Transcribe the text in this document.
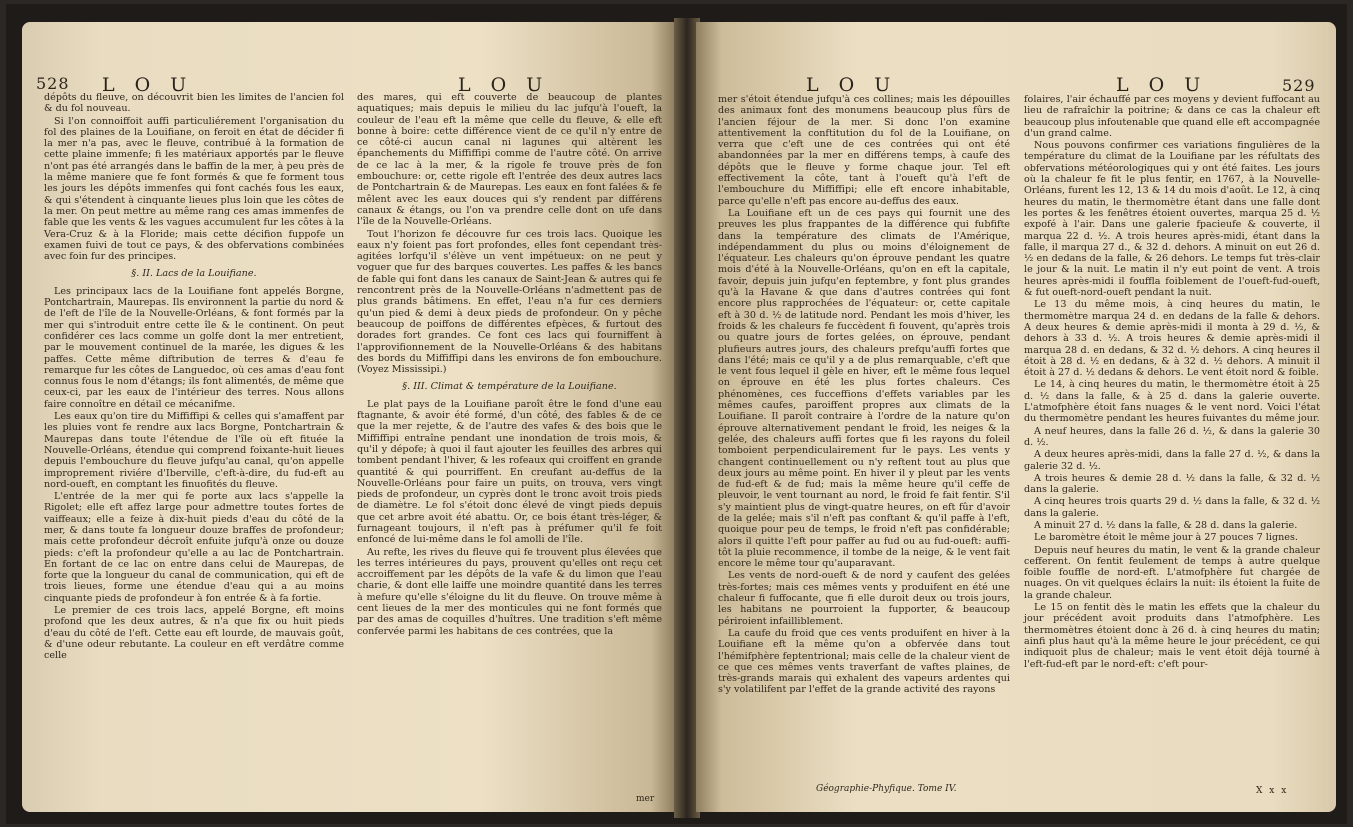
528 L O U	L O U

dépôts du fleuve, on découvrit bien les limites de l'ancien fol & du fol nouveau.

Si l'on connoiffoit auffi particuliérement l'organisation du fol des plaines de la Louifiane, on feroit en état de décider fi la mer n'a pas, avec le fleuve, contribué à la formation de cette plaine immenfe; fi les matériaux apportés par le fleuve n'ont pas été arrangés dans le baffin de la mer, à peu près de la même maniere que fe font formés & que fe forment tous les jours les dépôts immenfes qui font cachés fous les eaux, & qui s'étendent à cinquante lieues plus loin que les côtes de la mer. On peut mettre au même rang ces amas immenfes de fable que les vents & les vagues accumulent fur les côtes à la Vera-Cruz & à la Floride; mais cette décifion fuppofe un examen fuivi de tout ce pays, & des obfervations combinées avec foin fur des principes.

§. II. Lacs de la Louifiane.

Les principaux lacs de la Louifiane font appelés Borgne, Pontchartrain, Maurepas. Ils environnent la partie du nord & de l'eft de l'île de la Nouvelle-Orléans, & font formés par la mer qui s'introduit entre cette île & le continent. On peut confidérer ces lacs comme un golfe dont la mer entretient, par le mouvement continuel de la marée, les digues & les paffes. Cette même diftribution de terres & d'eau fe remarque fur les côtes de Languedoc, où ces amas d'eau font connus fous le nom d'étangs; ils font alimentés, de même que ceux-ci, par les eaux de l'intérieur des terres. Nous allons faire connoître en détail ce mécanifme.

Les eaux qu'on tire du Miffiffipi & celles qui s'amaffent par les pluies vont fe rendre aux lacs Borgne, Pontchartrain & Maurepas dans toute l'étendue de l'île où eft fituée la Nouvelle-Orléans, étendue qui comprend foixante-huit lieues depuis l'embouchure du fleuve jufqu'au canal, qu'on appelle improprement riviére d'Iberville, c'eft-à-dire, du fud-eft au nord-oueft, en comptant les finuofités du fleuve.

L'entrée de la mer qui fe porte aux lacs s'appelle la Rigolet; elle eft affez large pour admettre toutes fortes de vaiffeaux; elle a feize à dix-huit pieds d'eau du côté de la mer, & dans toute fa longueur douze braffes de profondeur; mais cette profondeur décroît enfuite jufqu'à onze ou douze pieds: c'eft la profondeur qu'elle a au lac de Pontchartrain. En fortant de ce lac on entre dans celui de Maurepas, de forte que la longueur du canal de communication, qui eft de trois lieues, forme une étendue d'eau qui a au moins cinquante pieds de profondeur à fon entrée & à fa fortie.

Le premier de ces trois lacs, appelé Borgne, eft moins profond que les deux autres, & n'a que fix ou huit pieds d'eau du côté de l'eft. Cette eau eft lourde, de mauvais goût, & d'une odeur rebutante. La couleur en eft verdâtre comme celle

des mares, qui eft couverte de beaucoup de plantes aquatiques; mais depuis le milieu du lac jufqu'à l'oueft, la couleur de l'eau eft la même que celle du fleuve, & elle eft bonne à boire: cette différence vient de ce qu'il n'y entre de ce côté-ci aucun canal ni lagunes qui altèrent les épanchements du Miffiffipi comme de l'autre côté. On arrive de ce lac à la mer, & la rigole fe trouve près de fon embouchure: or, cette rigole eft l'entrée des deux autres lacs de Pontchartrain & de Maurepas. Les eaux en font falées & fe mêlent avec les eaux douces qui s'y rendent par différens canaux & étangs, ou l'on va prendre celle dont on ufe dans l'île de la Nouvelle-Orléans.

Tout l'horizon fe découvre fur ces trois lacs. Quoique les eaux n'y foient pas fort profondes, elles font cependant très-agitées lorfqu'il s'élève un vent impétueux: on ne peut y voguer que fur des barques couvertes. Les paffes & les bancs de fable qui font dans les canaux de Saint-Jean & autres qui fe rencontrent près de la Nouvelle-Orléans n'admettent pas de plus grands bâtimens. En effet, l'eau n'a fur ces derniers qu'un pied & demi à deux pieds de profondeur. On y pêche beaucoup de poiffons de différentes efpèces, & furtout des dorades fort grandes. Ce font ces lacs qui fourniffent à l'approvifionnement de la Nouvelle-Orléans & des habitans des bords du Miffiffipi dans les environs de fon embouchure. (Voyez Mississipi.)

§. III. Climat & température de la Louifiane.

Le plat pays de la Louifiane paroît être le fond d'une eau ftagnante, & avoir été formé, d'un côté, des fables & de ce que la mer rejette, & de l'autre des vafes & des bois que le Miffiffipi entraîne pendant une inondation de trois mois, & qu'il y dépofe; à quoi il faut ajouter les feuilles des arbres qui tombent pendant l'hiver, & les rofeaux qui croiffent en grande quantité & qui pourriffent. En creufant au-deffus de la Nouvelle-Orléans pour faire un puits, on trouva, vers vingt pieds de profondeur, un cyprès dont le tronc avoit trois pieds de diamètre. Le fol s'étoit donc élevé de vingt pieds depuis que cet arbre avoit été abattu. Or, ce bois étant très-léger, & furnageant toujours, il n'eft pas à préfumer qu'il fe foit enfoncé de lui-même dans le fol amolli de l'île.

Au refte, les rives du fleuve qui fe trouvent plus élevées que les terres intérieures du pays, prouvent qu'elles ont reçu cet accroiffement par les dépôts de la vafe & du limon que l'eau charie, & dont elle laiffe une moindre quantité dans les terres à mefure qu'elle s'éloigne du lit du fleuve. On trouve même à cent lieues de la mer des monticules qui ne font formés que par des amas de coquilles d'huîtres. Une tradition s'eft même confervée parmi les habitans de ces contrées, que la

mer
L O U	L O U	529

mer s'étoit étendue jufqu'à ces collines; mais les dépouilles des animaux font des monumens beaucoup plus fûrs de l'ancien féjour de la mer. Si donc l'on examine attentivement la conftitution du fol de la Louifiane, on verra que c'eft une de ces contrées qui ont été abandonnées par la mer en différens temps, à caufe des dépôts que le fleuve y forme chaque jour. Tel eft effectivement la côte, tant à l'oueft qu'à l'eft de l'embouchure du Miffiffipi; elle eft encore inhabitable, parce qu'elle n'eft pas encore au-deffus des eaux.

La Louifiane eft un de ces pays qui fournit une des preuves les plus frappantes de la différence qui fubfifte dans la température des climats de l'Amérique, indépendamment du plus ou moins d'éloignement de l'équateur. Les chaleurs qu'on éprouve pendant les quatre mois d'été à la Nouvelle-Orléans, qu'on en eft la capitale, favoir, depuis juin jufqu'en feptembre, y font plus grandes qu'à la Havane & que dans d'autres contrées qui font encore plus rapprochées de l'équateur: or, cette capitale eft à 30 d. ½ de latitude nord. Pendant les mois d'hiver, les froids & les chaleurs fe fuccèdent fi fouvent, qu'après trois ou quatre jours de fortes gelées, on éprouve, pendant plufieurs autres jours, des chaleurs prefqu'auffi fortes que dans l'été; mais ce qu'il y a de plus remarquable, c'eft que le vent fous lequel il gèle en hiver, eft le même fous lequel on éprouve en été les plus fortes chaleurs. Ces phénomènes, ces fucceffions d'effets variables par les mêmes caufes, paroiffent propres aux climats de la Louifiane. Il paroît contraire à l'ordre de la nature qu'on éprouve alternativement pendant le froid, les neiges & la gelée, des chaleurs auffi fortes que fi les rayons du foleil tomboient perpendiculairement fur le pays. Les vents y changent continuellement ou n'y reftent tout au plus que deux jours au même point. En hiver il y pleut par les vents de fud-eft & de fud; mais la même heure qu'il ceffe de pleuvoir, le vent tournant au nord, le froid fe fait fentir. S'il s'y maintient plus de vingt-quatre heures, on eft fûr d'avoir de la gelée; mais s'il n'eft pas conftant & qu'il paffe à l'eft, quoique pour peu de temps, le froid n'eft pas confidérable; alors il quitte l'eft pour paffer au fud ou au fud-oueft: auffi-tôt la pluie recommence, il tombe de la neige, & le vent fait encore le même tour qu'auparavant.

Les vents de nord-oueft & de nord y caufent des gelées très-fortes; mais ces mêmes vents y produifent en été une chaleur fi fuffocante, que fi elle duroit deux ou trois jours, les habitans ne pourroient la fupporter, & beaucoup périroient infailliblement.

La caufe du froid que ces vents produifent en hiver à la Louifiane eft la même qu'on a obfervée dans tout l'hémifphère feptentrional; mais celle de la chaleur vient de ce que ces mêmes vents traverfant de vaftes plaines, de très-grands marais qui exhalent des vapeurs ardentes qui s'y volatilifent par l'effet de la grande activité des rayons

Géographie-Phyfique. Tome IV.

folaires, l'air échauffé par ces moyens y devient fuffocant au lieu de rafraîchir la poitrine; & dans ce cas la chaleur eft beaucoup plus infoutenable que quand elle eft accompagnée d'un grand calme.

Nous pouvons confirmer ces variations fingulières de la température du climat de la Louifiane par les réfultats des obfervations météorologiques qui y ont été faites. Les jours où la chaleur fe fit le plus fentir, en 1767, à la Nouvelle-Orléans, furent les 12, 13 & 14 du mois d'août. Le 12, à cinq heures du matin, le thermomètre étant dans une falle dont les portes & les fenêtres étoient ouvertes, marqua 25 d. ½ expofé à l'air. Dans une galerie fpacieufe & couverte, il marqua 22 d. ½. A trois heures après-midi, étant dans la falle, il marqua 27 d., & 32 d. dehors. A minuit on eut 26 d. ½ en dedans de la falle, & 26 dehors. Le temps fut très-clair le jour & la nuit. Le matin il n'y eut point de vent. A trois heures après-midi il fouffla foiblement de l'oueft-fud-oueft, & fut oueft-nord-oueft pendant la nuit.

Le 13 du même mois, à cinq heures du matin, le thermomètre marqua 24 d. en dedans de la falle & dehors. A deux heures & demie après-midi il monta à 29 d. ½, & dehors à 33 d. ½. A trois heures & demie après-midi il marqua 28 d. en dedans, & 32 d. ½ dehors. A cinq heures il étoit à 28 d. ½ en dedans, & à 32 d. ½ dehors. A minuit il étoit à 27 d. ½ dedans & dehors. Le vent étoit nord & foible.

Le 14, à cinq heures du matin, le thermomètre étoit à 25 d. ½ dans la falle, & à 25 d. dans la galerie ouverte. L'atmofphère étoit fans nuages & le vent nord. Voici l'état du thermomètre pendant les heures fuivantes du même jour.

A neuf heures, dans la falle 26 d. ½, & dans la galerie 30 d. ½.

A deux heures après-midi, dans la falle 27 d. ½, & dans la galerie 32 d. ½.

A trois heures & demie 28 d. ½ dans la falle, & 32 d. ½ dans la galerie.

A cinq heures trois quarts 29 d. ½ dans la falle, & 32 d. ½ dans la galerie.

A minuit 27 d. ½ dans la falle, & 28 d. dans la galerie.

Le baromètre étoit le même jour à 27 pouces 7 lignes.

Depuis neuf heures du matin, le vent & la grande chaleur cefferent. On fentit feulement de temps à autre quelque foible fouffle de nord-eft. L'atmofphère fut chargée de nuages. On vit quelques éclairs la nuit: ils étoient la fuite de la grande chaleur.

Le 15 on fentit dès le matin les effets que la chaleur du jour précédent avoit produits dans l'atmofphère. Les thermomètres étoient donc à 26 d. à cinq heures du matin; ainfi plus haut qu'à la même heure le jour précédent, ce qui indiquoit plus de chaleur; mais le vent étoit déjà tourné à l'eft-fud-eft par le nord-eft: c'eft pour-

X x x
